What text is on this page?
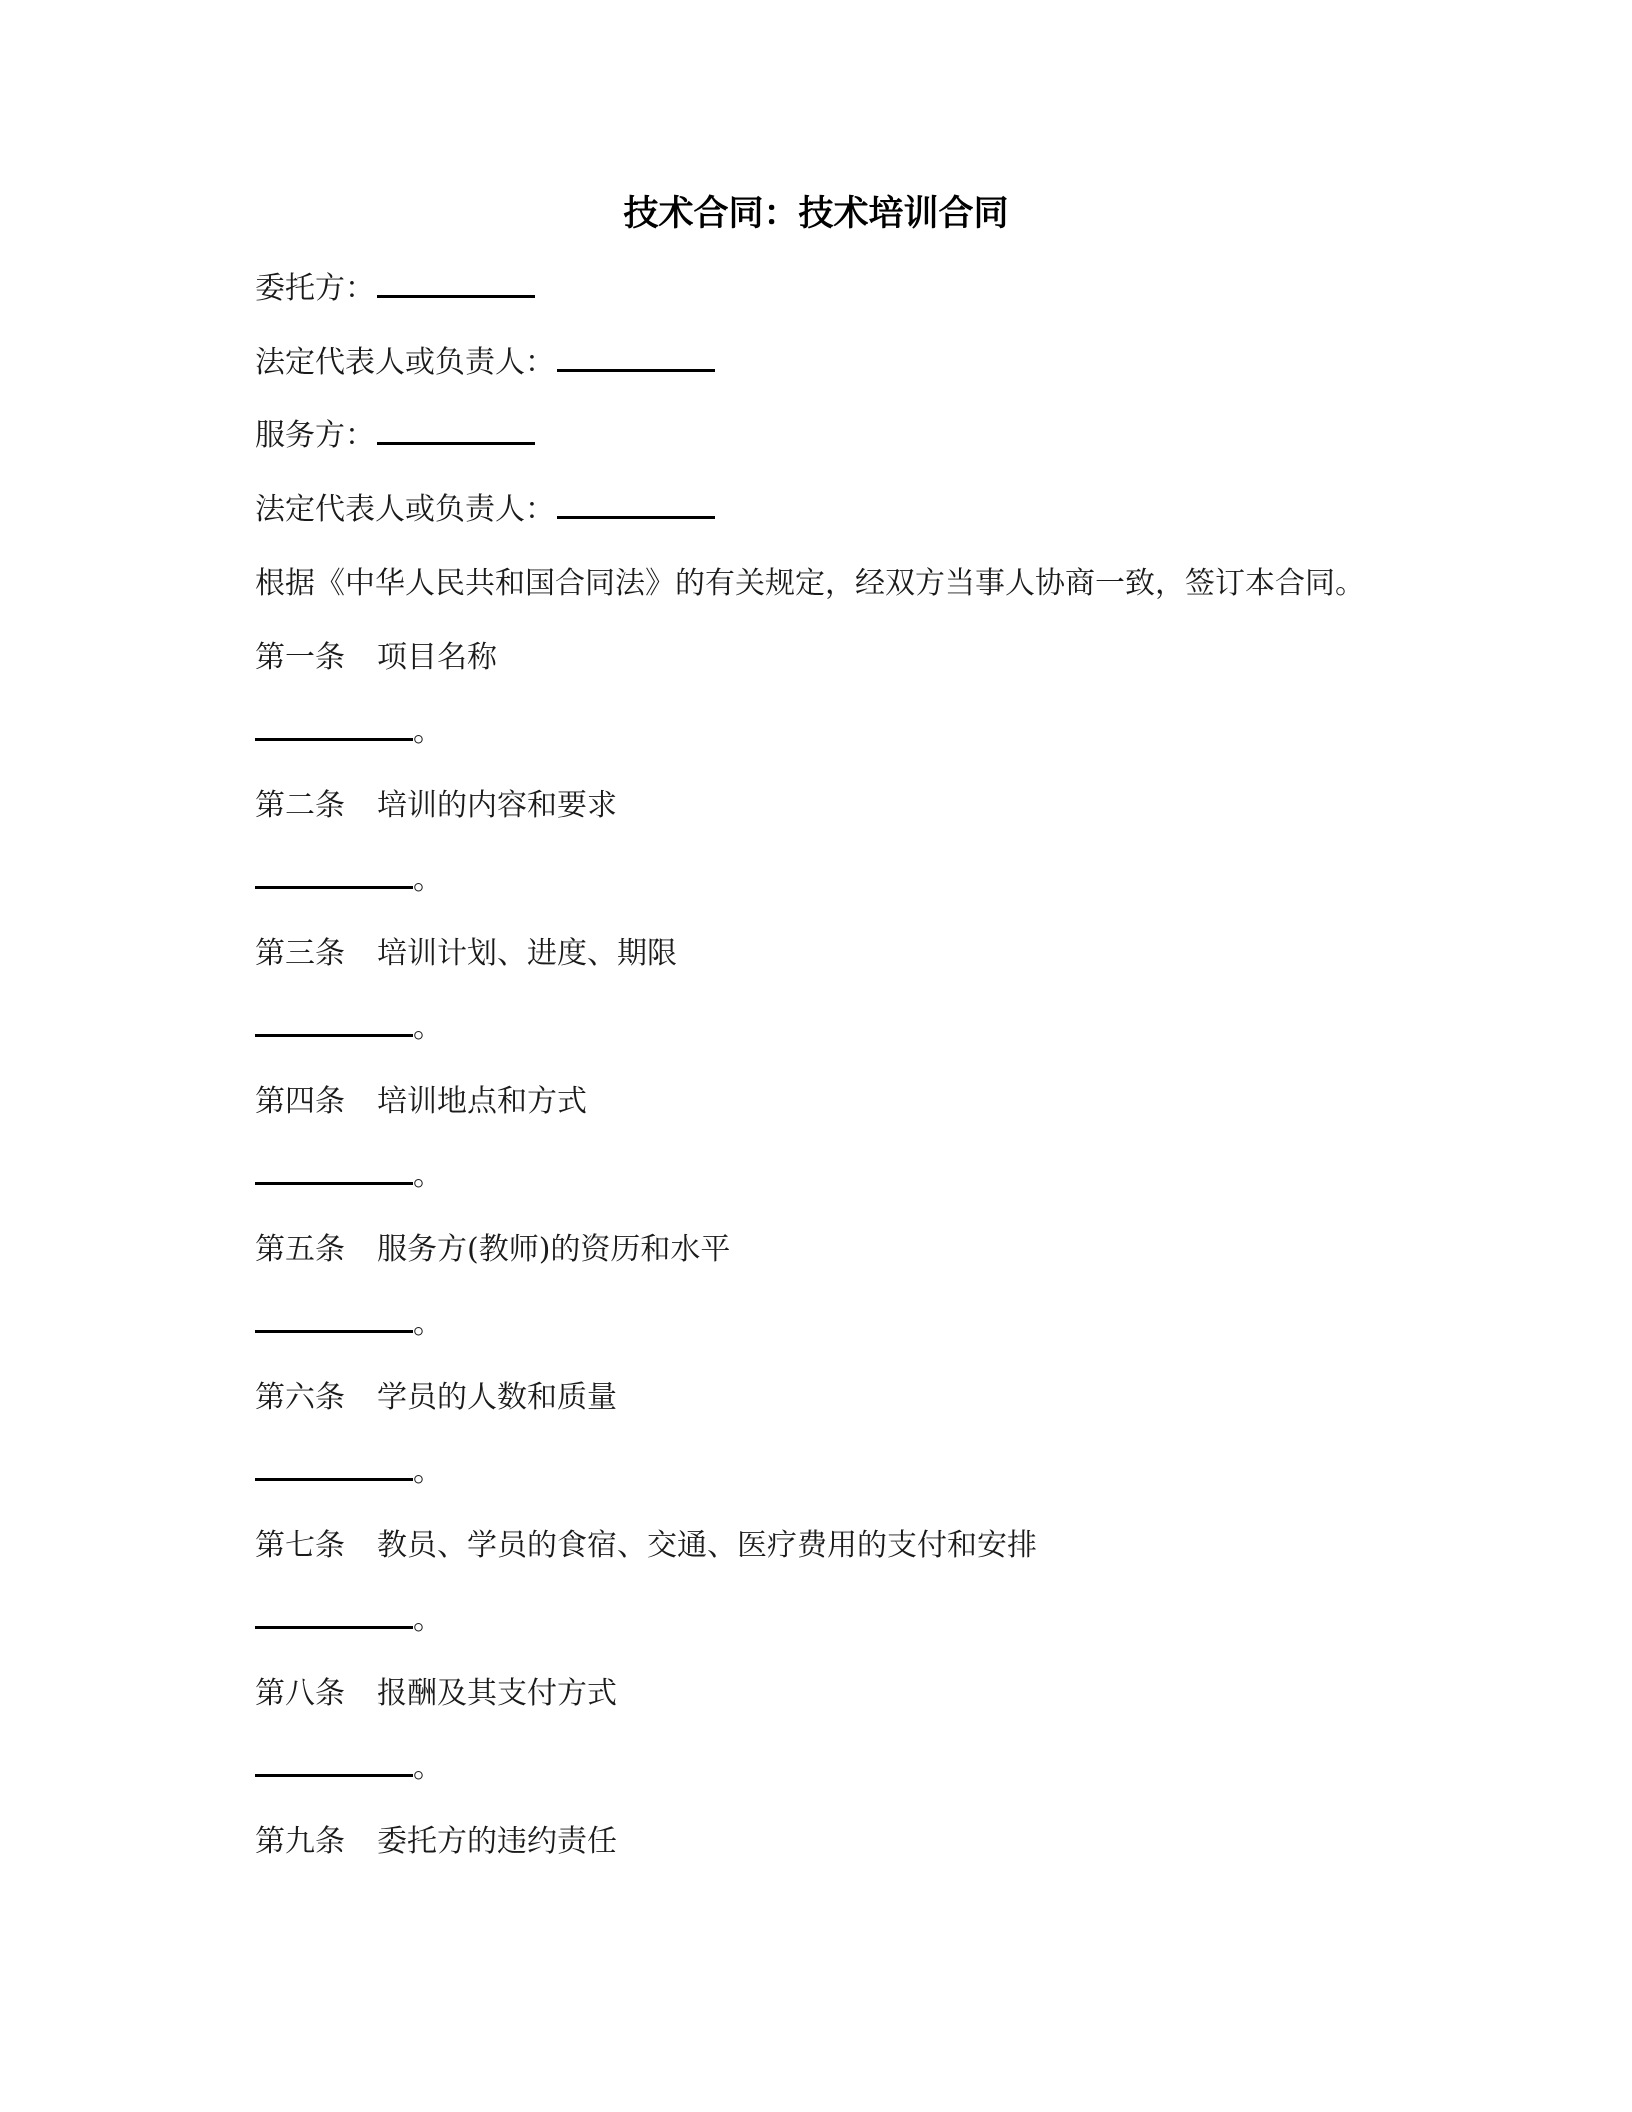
技术合同：技术培训合同
委托方：
法定代表人或负责人：
服务方：
法定代表人或负责人：
根据《中华人民共和国合同法》的有关规定，经双方当事人协商一致，签订本合同。
第一条 项目名称
。
第二条 培训的内容和要求
。
第三条 培训计划、进度、期限
。
第四条 培训地点和方式
。
第五条 服务方(教师)的资历和水平
。
第六条 学员的人数和质量
。
第七条 教员、学员的食宿、交通、医疗费用的支付和安排
。
第八条 报酬及其支付方式
。
第九条 委托方的违约责任
